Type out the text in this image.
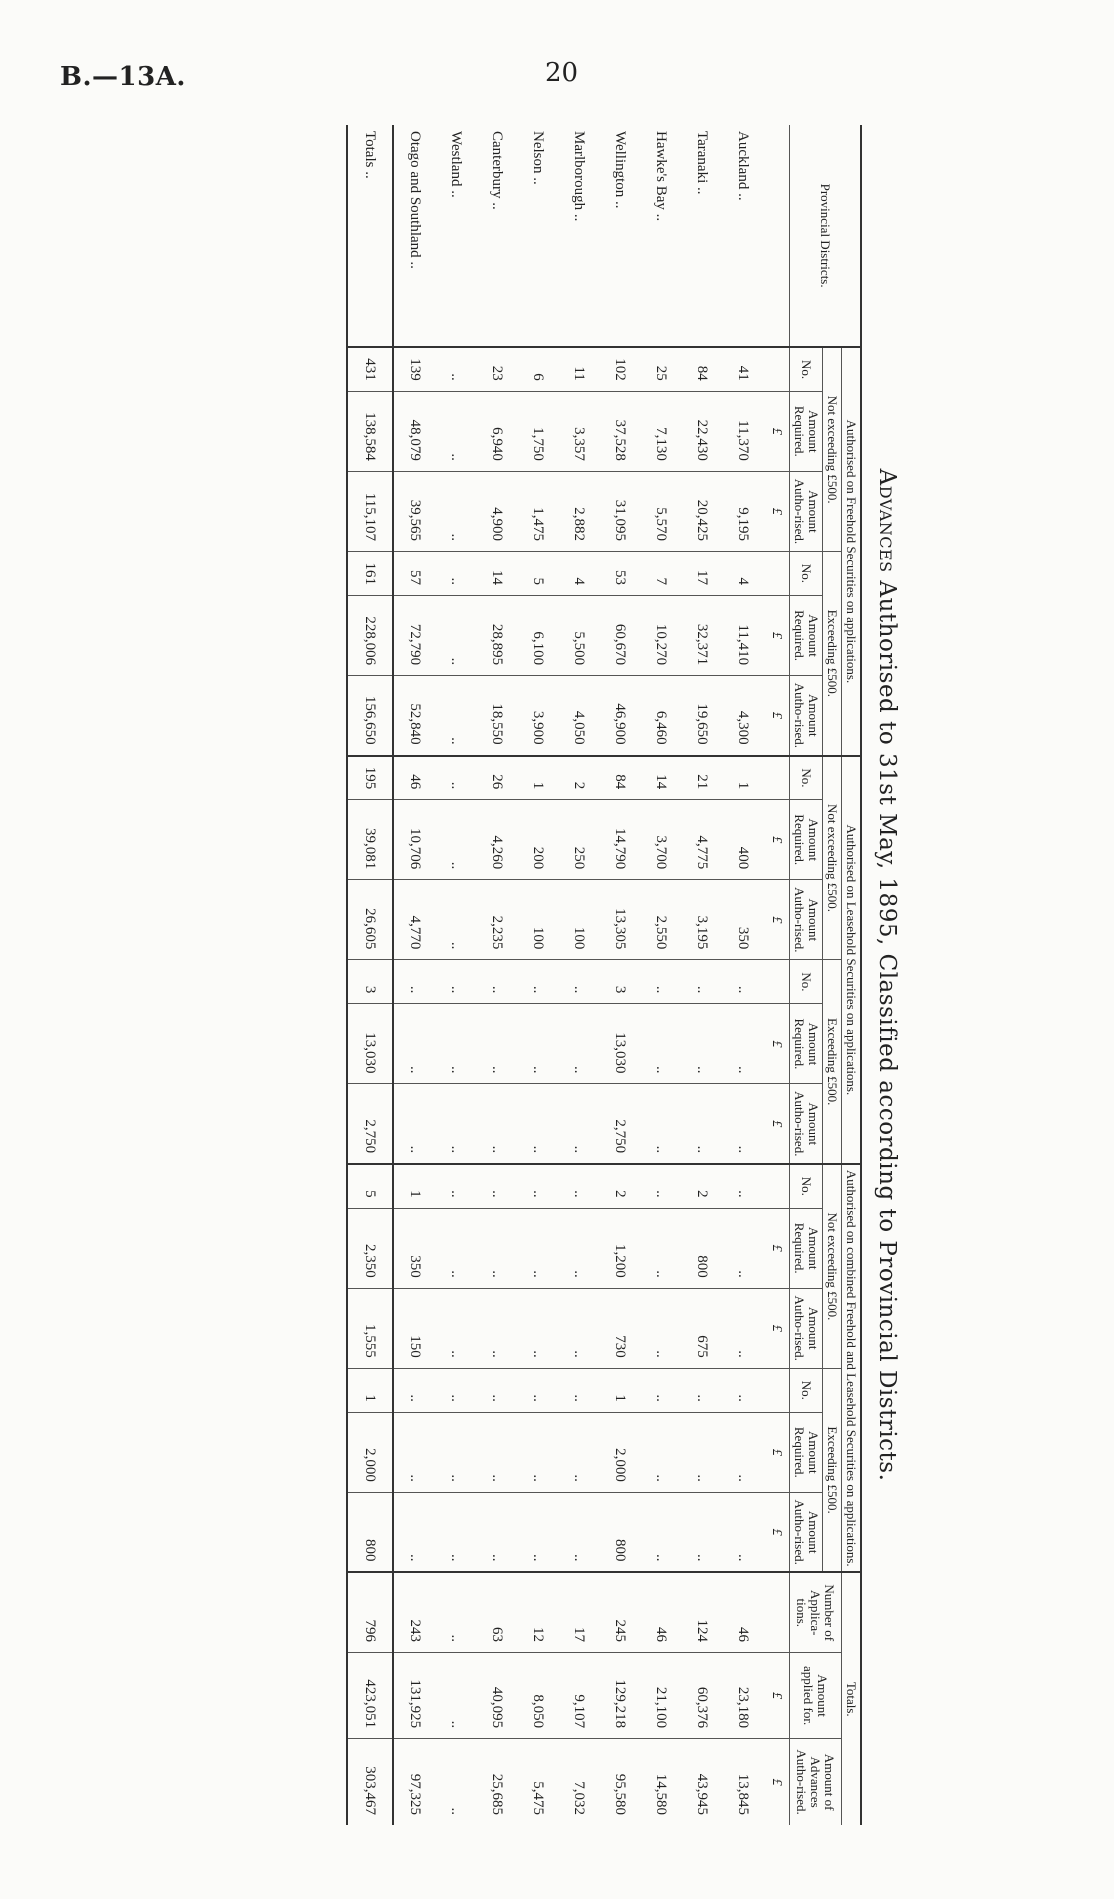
B.—13A.	20
Advances Authorised to 31st May, 1895, Classified according to Provincial Districts.
Provincial Districts.	Authorised on Freehold Securities on applications.						Authorised on Leasehold Securities on applications.						Authorised on combined Freehold and Leasehold Securities on applications.						Totals.		
	Not exceeding £500.			Exceeding £500.			Not exceeding £500.			Exceeding £500.			Not exceeding £500.			Exceeding £500.			Number of Applica-tions.	Amount applied for.	Amount of Advances Autho-rised.
	No.	Amount Required.	Amount Autho-rised.	No.	Amount Required.	Amount Autho-rised.	No.	Amount Required.	Amount Autho-rised.	No.	Amount Required.	Amount Autho-rised.	No.	Amount Required.	Amount Autho-rised.	No.	Amount Required.	Amount Autho-rised.			
		£	£		£	£		£	£		£	£		£	£		£	£		£	£
Auckland ..	41	11,370	9,195	4	11,410	4,300	1	400	350	..	..	..	..	..	..	..	..	..	46	23,180	13,845
Taranaki ..	84	22,430	20,425	17	32,371	19,650	21	4,775	3,195	..	..	..	2	800	675	..	..	..	124	60,376	43,945
Hawke's Bay ..	25	7,130	5,570	7	10,270	6,460	14	3,700	2,550	..	..	..	..	..	..	..	..	..	46	21,100	14,580
Wellington ..	102	37,528	31,095	53	60,670	46,900	84	14,790	13,305	3	13,030	2,750	2	1,200	730	1	2,000	800	245	129,218	95,580
Marlborough ..	11	3,357	2,882	4	5,500	4,050	2	250	100	..	..	..	..	..	..	..	..	..	17	9,107	7,032
Nelson ..	6	1,750	1,475	5	6,100	3,900	1	200	100	..	..	..	..	..	..	..	..	..	12	8,050	5,475
Canterbury ..	23	6,940	4,900	14	28,895	18,550	26	4,260	2,235	..	..	..	..	..	..	..	..	..	63	40,095	25,685
Westland ..	..	..	..	..	..	..	..	..	..	..	..	..	..	..	..	..	..	..	..	..	..
Otago and Southland ..	139	48,079	39,565	57	72,790	52,840	46	10,706	4,770	..	..	..	1	350	150	..	..	..	243	131,925	97,325
Totals ..	431	138,584	115,107	161	228,006	156,650	195	39,081	26,605	3	13,030	2,750	5	2,350	1,555	1	2,000	800	796	423,051	303,467
